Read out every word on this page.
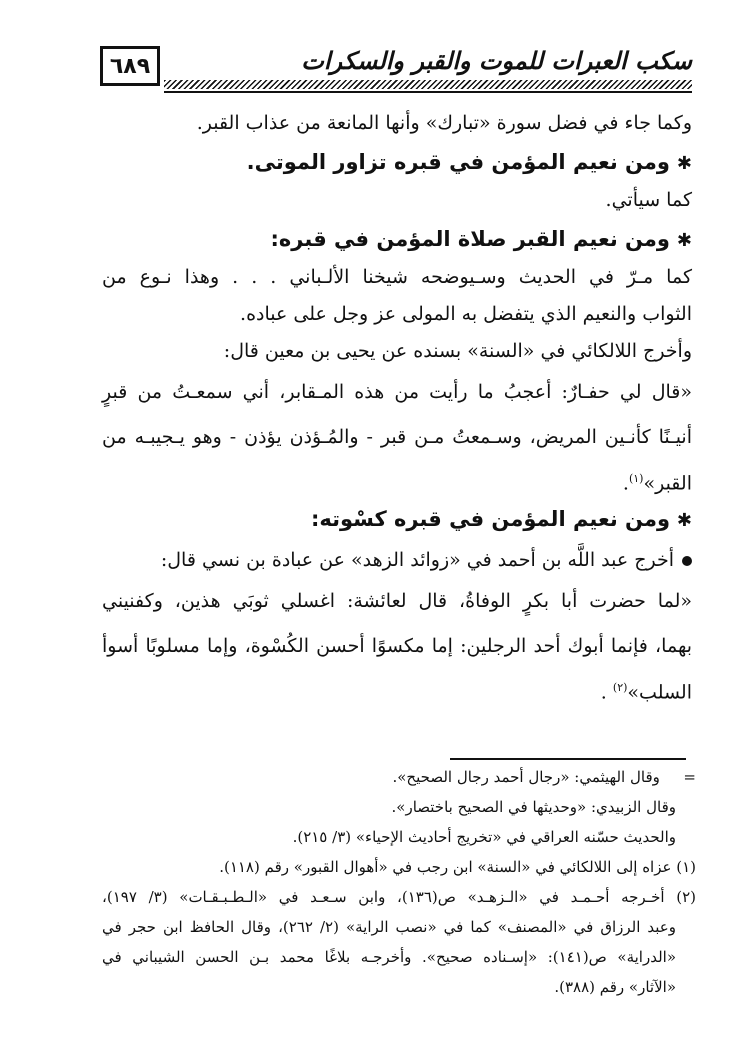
٦٨٩	سكب العبرات للموت والقبر والسكرات
وكما جاء في فضل سورة «تبارك» وأنها المانعة من عذاب القبر.
✱ومن نعيم المؤمن في قبره تزاور الموتى.
كما سيأتي.
✱ومن نعيم القبر صلاة المؤمن في قبره:
كما مـرّ في الحديث وسـيوضحه شيخنا الألـباني . . . وهذا نـوع من
الثواب والنعيم الذي يتفضل به المولى عز وجل على عباده.
وأخرج اللالكائي في «السنة» بسنده عن يحيى بن معين قال:
«قال لي حفـارٌ: أعجبُ ما رأيت من هذه المـقابر، أني سمعـتُ من قبرٍ
أنيـنًا كأنـين المريض، وسـمعتُ مـن قبر - والمُـؤذن يؤذن - وهو يـجيبـه من
القبر»$^{(١)}$.
✱ومن نعيم المؤمن في قبره كسْوته:
أخرج عبد اللَّه بن أحمد في «زوائد الزهد» عن عبادة بن نسي قال:
«لما حضرت أبا بكرٍ الوفاةُ، قال لعائشة: اغسلي ثوبَي هذين، وكفنيني
بهما، فإنما أبوك أحد الرجلين: إما مكسوًا أحسن الكُسْوة، وإما مسلوبًا أسوأ
السلب»$^{(٢)}$ .
=  وقال الهيثمي: «رجال أحمد رجال الصحيح».
وقال الزبيدي: «وحديثها في الصحيح باختصار».
والحديث حسّنه العراقي في «تخريج أحاديث الإحياء» (٣/ ٢١٥).
(١) عزاه إلى اللالكائي في «السنة» ابن رجب في «أهوال القبور» رقم (١١٨).
(٢) أخـرجه أحـمـد في «الـزهـد» ص(١٣٦)، وابن سـعـد في «الـطـبـقـات» (٣/ ١٩٧)،
وعبد الرزاق في «المصنف» كما في «نصب الراية» (٢/ ٢٦٢)، وقال الحافظ ابن حجر في
«الدراية» ص(١٤١): «إسـناده صحيح». وأخرجـه بلاغًا محمد بـن الحسن الشيباني في
«الآثار» رقم (٣٨٨).
